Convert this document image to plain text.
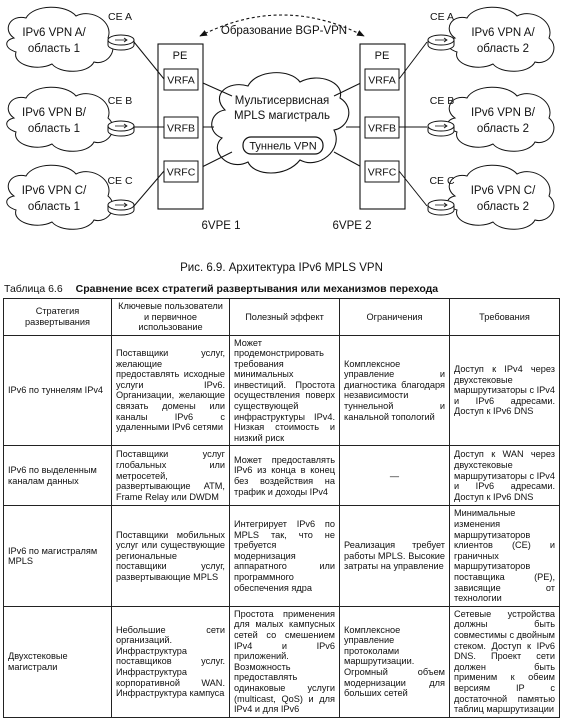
Образование BGP-VPN
Мультисервисная
MPLS магистраль
Туннель VPN
PE
VRFA
VRFB
VRFC
6VPE 1
PE
VRFA
VRFB
VRFC
6VPE 2
IPv6 VPN A/
область 1
IPv6 VPN B/
область 1
IPv6 VPN C/
область 1
CE A
CE B
CE C
IPv6 VPN A/
область 2
IPv6 VPN B/
область 2
IPv6 VPN C/
область 2
CE A
CE B
CE C
Рис. 6.9. Архитектура IPv6 MPLS VPN
Таблица 6.6 Сравнение всех стратегий развертывания или механизмов перехода
Стратегия развертывания	Ключевые пользователи и первичное использование	Полезный эффект	Ограничения	Требования
IPv6 по туннелям IPv4	Поставщики услуг, желающие предоставлять исходные услуги IPv6. Организации, желающие связать домены или каналы IPv6 с удаленными IPv6 сетями	Может продемонстрировать требования минимальных инвестиций. Простота осуществления поверх существующей инфраструктуры IPv4. Низкая стоимость и низкий риск	Комплексное управление и диагностика благодаря независимости туннельной и канальной топологий	Доступ к IPv4 через двухстековые маршрутизаторы с IPv4 и IPv6 адресами. Доступ к IPv6 DNS
IPv6 по выделенным каналам данных	Поставщики услуг глобальных или метросетей, развертывающие ATM, Frame Relay или DWDM	Может предоставлять IPv6 из конца в конец без воздействия на трафик и доходы IPv4	—	Доступ к WAN через двухстековые маршрутизаторы с IPv4 и IPv6 адресами. Доступ к IPv6 DNS
IPv6 по магистралям MPLS	Поставщики мобильных услуг или существующие региональные поставщики услуг, развертывающие MPLS	Интегрирует IPv6 по MPLS так, что не требуется модернизация аппаратного или программного обеспечения ядра	Реализация требует работы MPLS. Высокие затраты на управление	Минимальные изменения маршрутизаторов клиентов (CE) и граничных маршрутизаторов поставщика (PE), зависящие от технологии
Двухстековые магистрали	Небольшие сети организаций. Инфраструктура поставщиков услуг. Инфраструктура корпоративной WAN. Инфраструктура кампуса	Простота применения для малых кампусных сетей со смешением IPv4 и IPv6 приложений. Возможность предоставлять одинаковые услуги (multicast, QoS) и для IPv4 и для IPv6	Комплексное управление протоколами маршрутизации. Огромный объем модернизации для больших сетей	Сетевые устройства должны быть совместимы с двойным стеком. Доступ к IPv6 DNS. Проект сети должен быть применим к обеим версиям IP с достаточной памятью таблиц маршрутизации
